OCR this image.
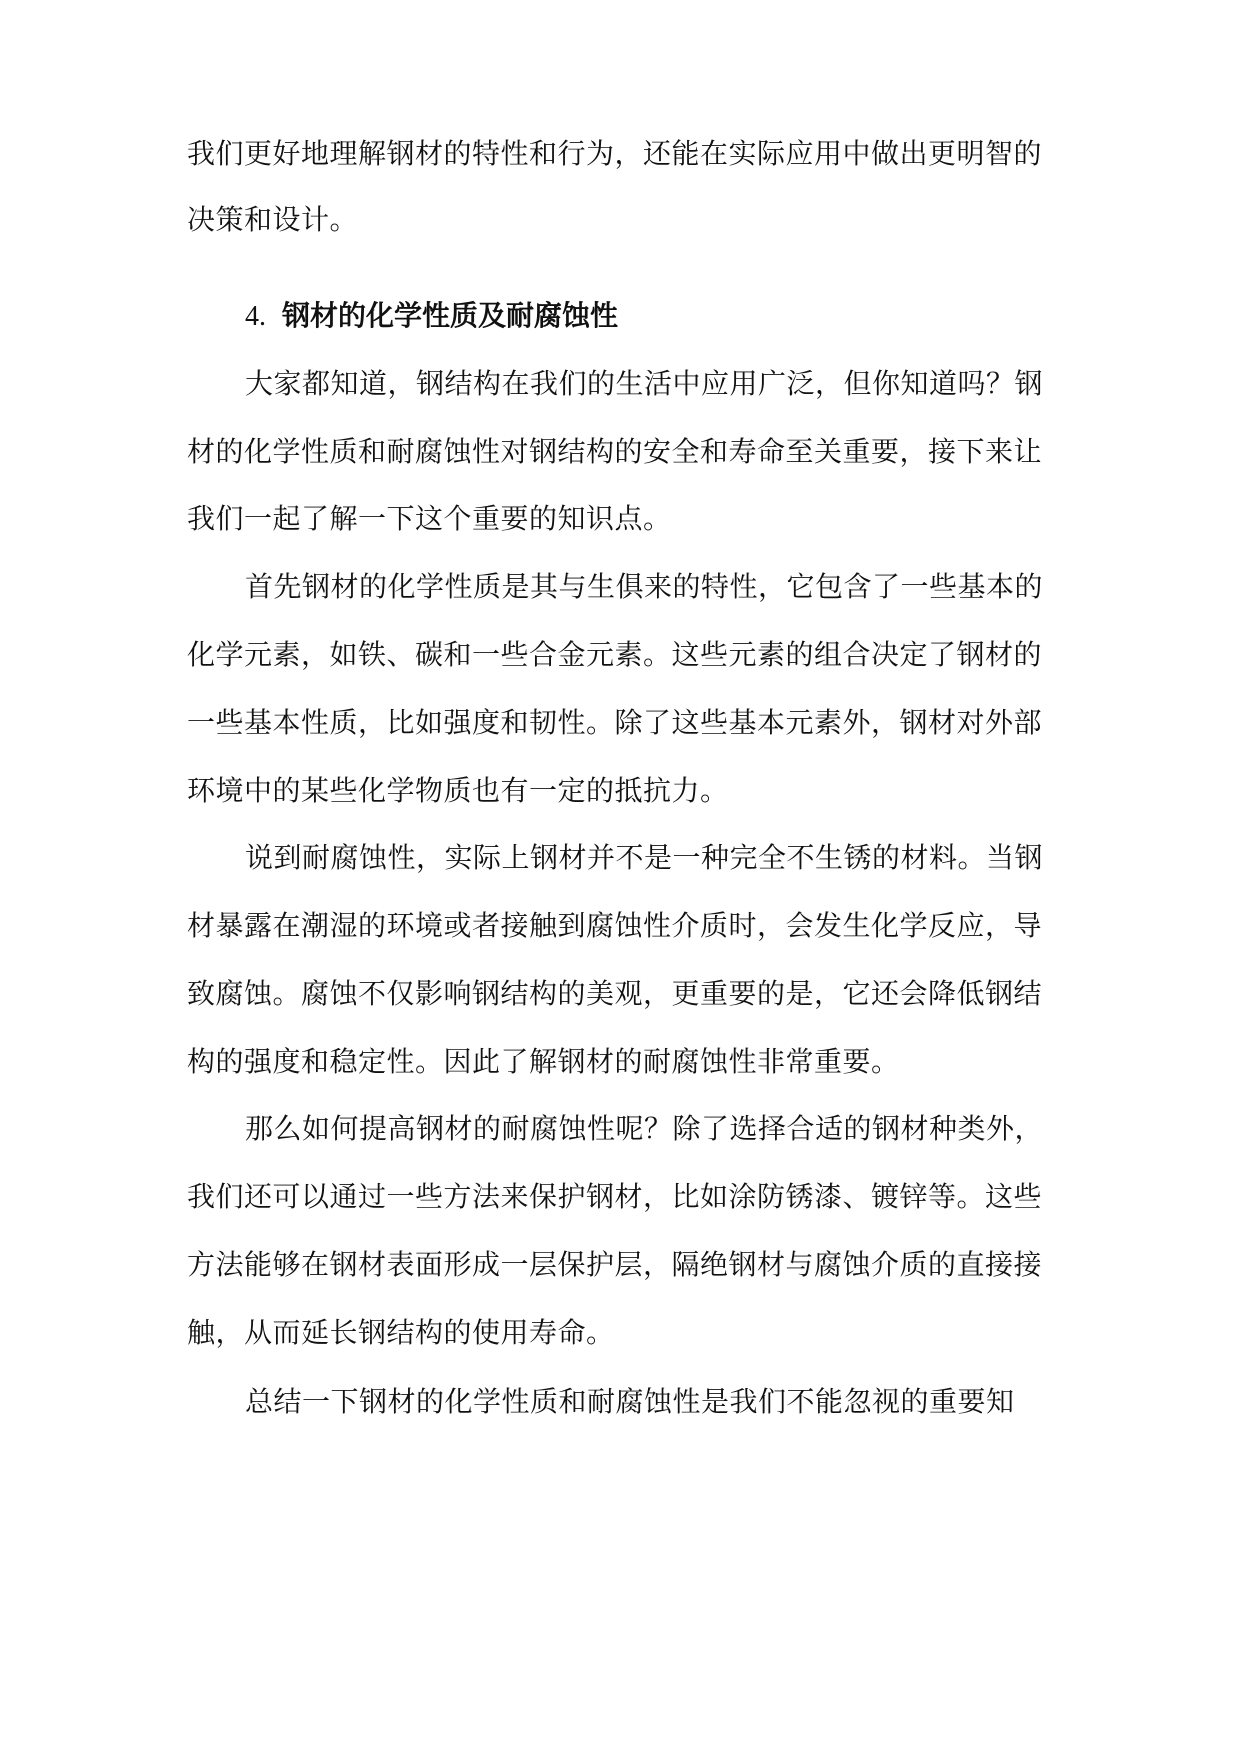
我们更好地理解钢材的特性和行为，还能在实际应用中做出更明智的
决策和设计。
4. 钢材的化学性质及耐腐蚀性
大家都知道，钢结构在我们的生活中应用广泛，但你知道吗？钢
材的化学性质和耐腐蚀性对钢结构的安全和寿命至关重要，接下来让
我们一起了解一下这个重要的知识点。
首先钢材的化学性质是其与生俱来的特性，它包含了一些基本的
化学元素，如铁、碳和一些合金元素。这些元素的组合决定了钢材的
一些基本性质，比如强度和韧性。除了这些基本元素外，钢材对外部
环境中的某些化学物质也有一定的抵抗力。
说到耐腐蚀性，实际上钢材并不是一种完全不生锈的材料。当钢
材暴露在潮湿的环境或者接触到腐蚀性介质时，会发生化学反应，导
致腐蚀。腐蚀不仅影响钢结构的美观，更重要的是，它还会降低钢结
构的强度和稳定性。因此了解钢材的耐腐蚀性非常重要。
那么如何提高钢材的耐腐蚀性呢？除了选择合适的钢材种类外，
我们还可以通过一些方法来保护钢材，比如涂防锈漆、镀锌等。这些
方法能够在钢材表面形成一层保护层，隔绝钢材与腐蚀介质的直接接
触，从而延长钢结构的使用寿命。
总结一下钢材的化学性质和耐腐蚀性是我们不能忽视的重要知
